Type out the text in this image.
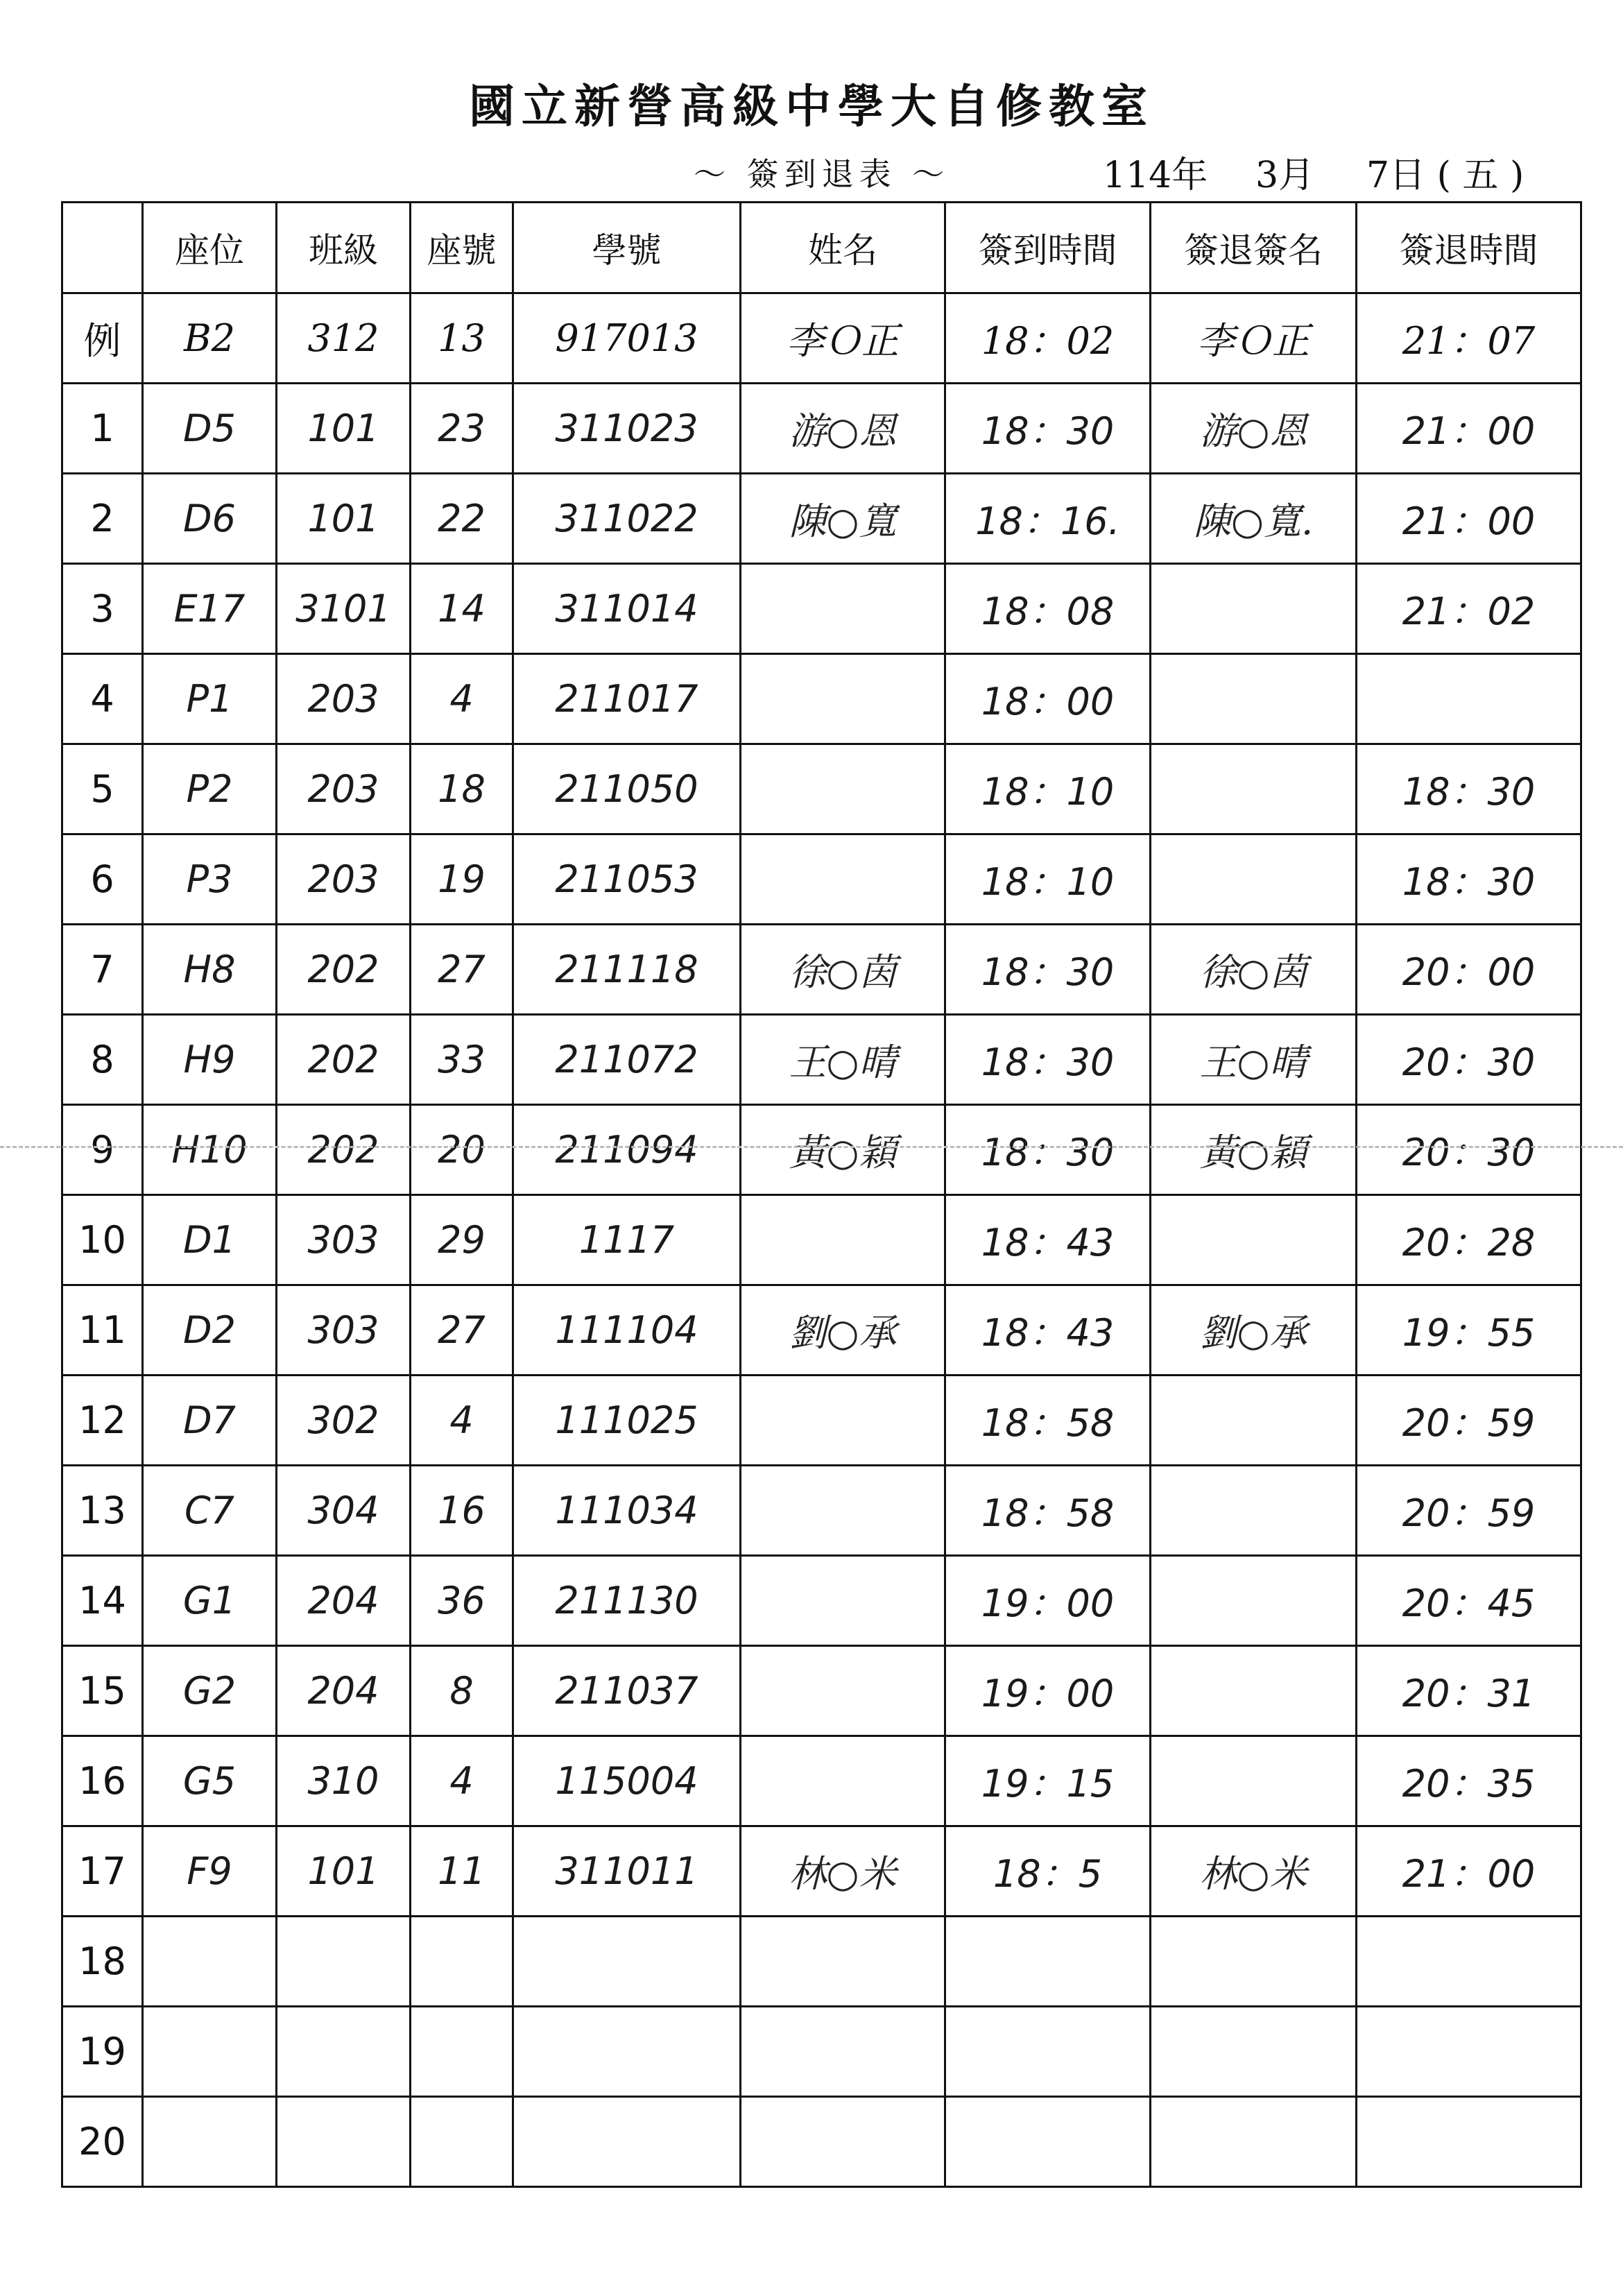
國立新營高級中學大自修教室
～ 簽到退表 ～	114年 3月 7日 ( 五 )
	座位	班級	座號	學號	姓名	簽到時間	簽退簽名	簽退時間
例	B2	312	13	917013	李Ｏ正	18：02	李Ｏ正	21：07
1	D5	101	23	311023	游○恩	18：30	游○恩	21：00
2	D6	101	22	311022	陳○寬	18：16.	陳○寬.	21：00
3	E17	3101	14	311014		18：08		21：02
4	P1	203	4	211017		18：00		
5	P2	203	18	211050		18：10		18：30
6	P3	203	19	211053		18：10		18：30
7	H8	202	27	211118	徐○茵	18：30	徐○茵	20：00
8	H9	202	33	211072	王○晴	18：30	王○晴	20：30
9	H10	202	20	211094	黃○穎	18：30	黃○穎	20：30
10	D1	303	29	1117		18：43		20：28
11	D2	303	27	111104	劉○承	18：43	劉○承	19：55
12	D7	302	4	111025		18：58		20：59
13	C7	304	16	111034		18：58		20：59
14	G1	204	36	211130		19：00		20：45
15	G2	204	8	211037		19：00		20：31
16	G5	310	4	115004		19：15		20：35
17	F9	101	11	311011	林○米	18：5	林○米	21：00
18								
19								
20								
